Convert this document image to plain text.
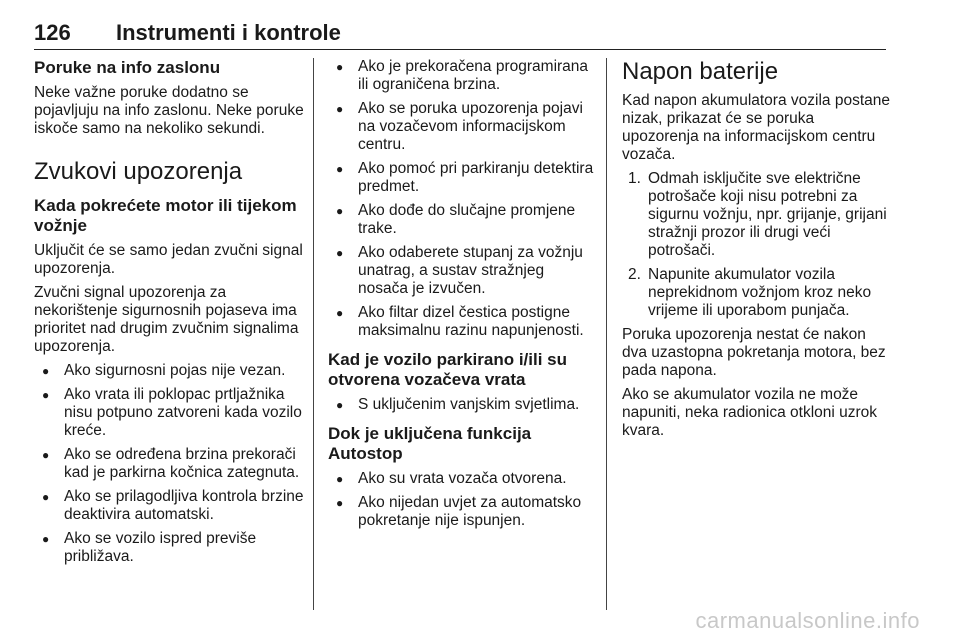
126 Instrumenti i kontrole
Poruke na info zaslonu

Neke važne poruke dodatno se pojavljuju na info zaslonu. Neke poruke iskoče samo na nekoliko sekundi.

Zvukovi upozorenja
Kada pokrećete motor ili tijekom vožnje

Uključit će se samo jedan zvučni signal upozorenja.

Zvučni signal upozorenja za nekorištenje sigurnosnih pojaseva ima prioritet nad drugim zvučnim signalima upozorenja.

● Ako sigurnosni pojas nije vezan.
● Ako vrata ili poklopac prtljažnika nisu potpuno zatvoreni kada vozilo kreće.
● Ako se određena brzina prekorači kad je parkirna kočnica zategnuta.
● Ako se prilagodljiva kontrola brzine deaktivira automatski.
● Ako se vozilo ispred previše približava.
● Ako je prekoračena programirana ili ograničena brzina.
● Ako se poruka upozorenja pojavi na vozačevom informacijskom centru.
● Ako pomoć pri parkiranju detektira predmet.
● Ako dođe do slučajne promjene trake.
● Ako odaberete stupanj za vožnju unatrag, a sustav stražnjeg nosača je izvučen.
● Ako filtar dizel čestica postigne maksimalnu razinu napunjenosti.
Kad je vozilo parkirano i/ili su otvorena vozačeva vrata
● S uključenim vanjskim svjetlima.
Dok je uključena funkcija Autostop
● Ako su vrata vozača otvorena.
● Ako nijedan uvjet za automatsko pokretanje nije ispunjen.
Napon baterije

Kad napon akumulatora vozila postane nizak, prikazat će se poruka upozorenja na informacijskom centru vozača.

1. Odmah isključite sve električne potrošače koji nisu potrebni za sigurnu vožnju, npr. grijanje, grijani stražnji prozor ili drugi veći potrošači.
2. Napunite akumulator vozila neprekidnom vožnjom kroz neko vrijeme ili uporabom punjača.

Poruka upozorenja nestat će nakon dva uzastopna pokretanja motora, bez pada napona.

Ako se akumulator vozila ne može napuniti, neka radionica otkloni uzrok kvara.

carmanualsonline.info
